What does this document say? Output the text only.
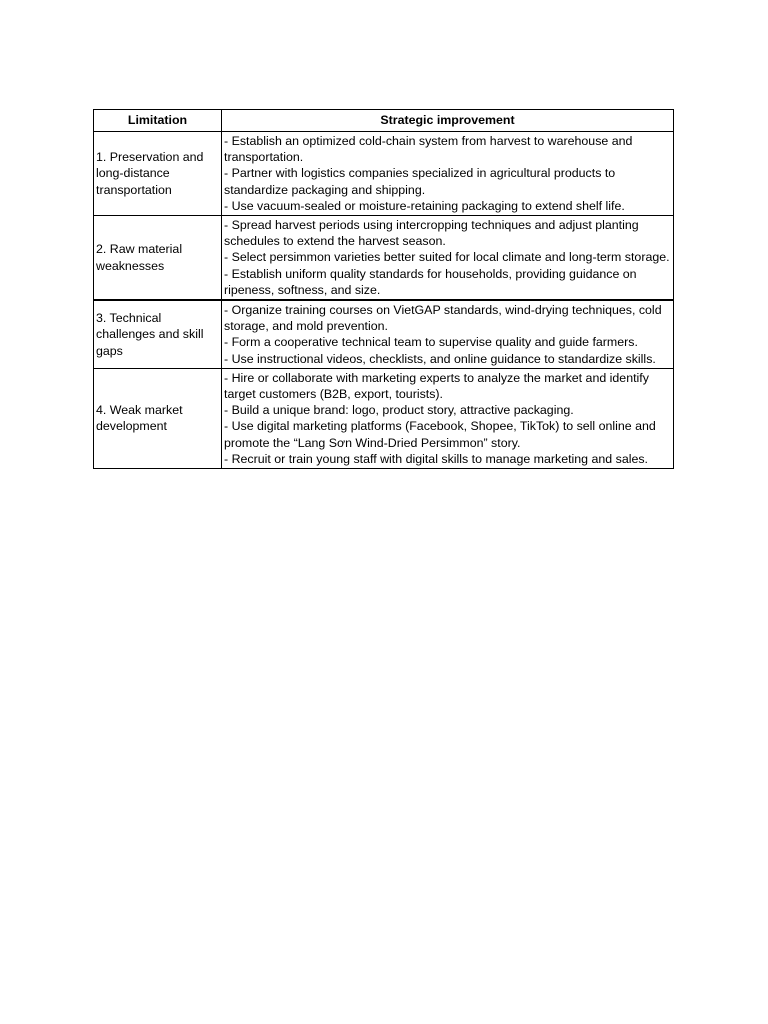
Limitation	Strategic improvement
1. Preservation and long-distance transportation	- Establish an optimized cold-chain system from harvest to warehouse and transportation.
- Partner with logistics companies specialized in agricultural products to standardize packaging and shipping.
- Use vacuum-sealed or moisture-retaining packaging to extend shelf life.

2. Raw material weaknesses	- Spread harvest periods using intercropping techniques and adjust planting schedules to extend the harvest season.
- Select persimmon varieties better suited for local climate and long-term storage.
- Establish uniform quality standards for households, providing guidance on ripeness, softness, and size.

3. Technical challenges and skill gaps	- Organize training courses on VietGAP standards, wind-drying techniques, cold storage, and mold prevention.
- Form a cooperative technical team to supervise quality and guide farmers.
- Use instructional videos, checklists, and online guidance to standardize skills.

4. Weak market development	- Hire or collaborate with marketing experts to analyze the market and identify target customers (B2B, export, tourists).
- Build a unique brand: logo, product story, attractive packaging.
- Use digital marketing platforms (Facebook, Shopee, TikTok) to sell online and promote the “Lang Sơn Wind-Dried Persimmon” story.
- Recruit or train young staff with digital skills to manage marketing and sales.
